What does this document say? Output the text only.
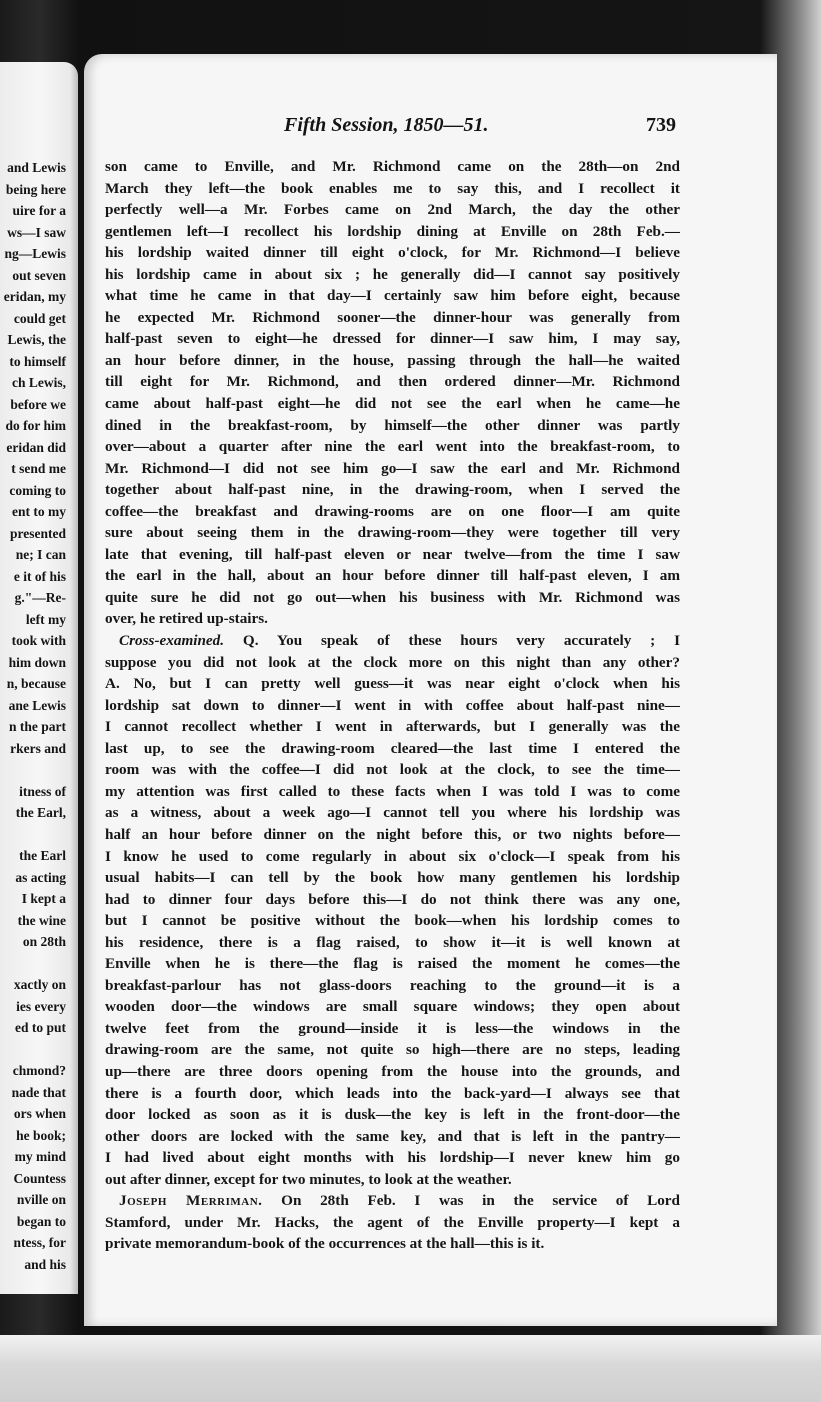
and Lewis
being here
uire for a
ws—I saw
ng—Lewis
out seven
eridan, my
could get
Lewis, the
to himself
ch Lewis,
before we
do for him
eridan did
t send me
coming to
ent to my
presented
ne; I can
e it of his
g."—Re-
left my
took with
him down
n, because
ane Lewis
n the part
rkers and

itness of
the Earl,

the Earl
as acting
I kept a
the wine
on 28th

xactly on
ies every
ed to put

chmond?
nade that
ors when
he book;
my mind
Countess
nville on
began to
ntess, for
and his
Fifth Session, 1850—51.	739
son came to Enville, and Mr. Richmond came on the 28th—on 2nd
March they left—the book enables me to say this, and I recollect it
perfectly well—a Mr. Forbes came on 2nd March, the day the other
gentlemen left—I recollect his lordship dining at Enville on 28th Feb.—
his lordship waited dinner till eight o'clock, for Mr. Richmond—I believe
his lordship came in about six ; he generally did—I cannot say positively
what time he came in that day—I certainly saw him before eight, because
he expected Mr. Richmond sooner—the dinner-hour was generally from
half-past seven to eight—he dressed for dinner—I saw him, I may say,
an hour before dinner, in the house, passing through the hall—he waited
till eight for Mr. Richmond, and then ordered dinner—Mr. Richmond
came about half-past eight—he did not see the earl when he came—he
dined in the breakfast-room, by himself—the other dinner was partly
over—about a quarter after nine the earl went into the breakfast-room, to
Mr. Richmond—I did not see him go—I saw the earl and Mr. Richmond
together about half-past nine, in the drawing-room, when I served the
coffee—the breakfast and drawing-rooms are on one floor—I am quite
sure about seeing them in the drawing-room—they were together till very
late that evening, till half-past eleven or near twelve—from the time I saw
the earl in the hall, about an hour before dinner till half-past eleven, I am
quite sure he did not go out—when his business with Mr. Richmond was
over, he retired up-stairs.
Cross-examined. Q. You speak of these hours very accurately ; I
suppose you did not look at the clock more on this night than any other?
A. No, but I can pretty well guess—it was near eight o'clock when his
lordship sat down to dinner—I went in with coffee about half-past nine—
I cannot recollect whether I went in afterwards, but I generally was the
last up, to see the drawing-room cleared—the last time I entered the
room was with the coffee—I did not look at the clock, to see the time—
my attention was first called to these facts when I was told I was to come
as a witness, about a week ago—I cannot tell you where his lordship was
half an hour before dinner on the night before this, or two nights before—
I know he used to come regularly in about six o'clock—I speak from his
usual habits—I can tell by the book how many gentlemen his lordship
had to dinner four days before this—I do not think there was any one,
but I cannot be positive without the book—when his lordship comes to
his residence, there is a flag raised, to show it—it is well known at
Enville when he is there—the flag is raised the moment he comes—the
breakfast-parlour has not glass-doors reaching to the ground—it is a
wooden door—the windows are small square windows; they open about
twelve feet from the ground—inside it is less—the windows in the
drawing-room are the same, not quite so high—there are no steps, leading
up—there are three doors opening from the house into the grounds, and
there is a fourth door, which leads into the back-yard—I always see that
door locked as soon as it is dusk—the key is left in the front-door—the
other doors are locked with the same key, and that is left in the pantry—
I had lived about eight months with his lordship—I never knew him go
out after dinner, except for two minutes, to look at the weather.
Joseph Merriman. On 28th Feb. I was in the service of Lord
Stamford, under Mr. Hacks, the agent of the Enville property—I kept a
private memorandum-book of the occurrences at the hall—this is it.
